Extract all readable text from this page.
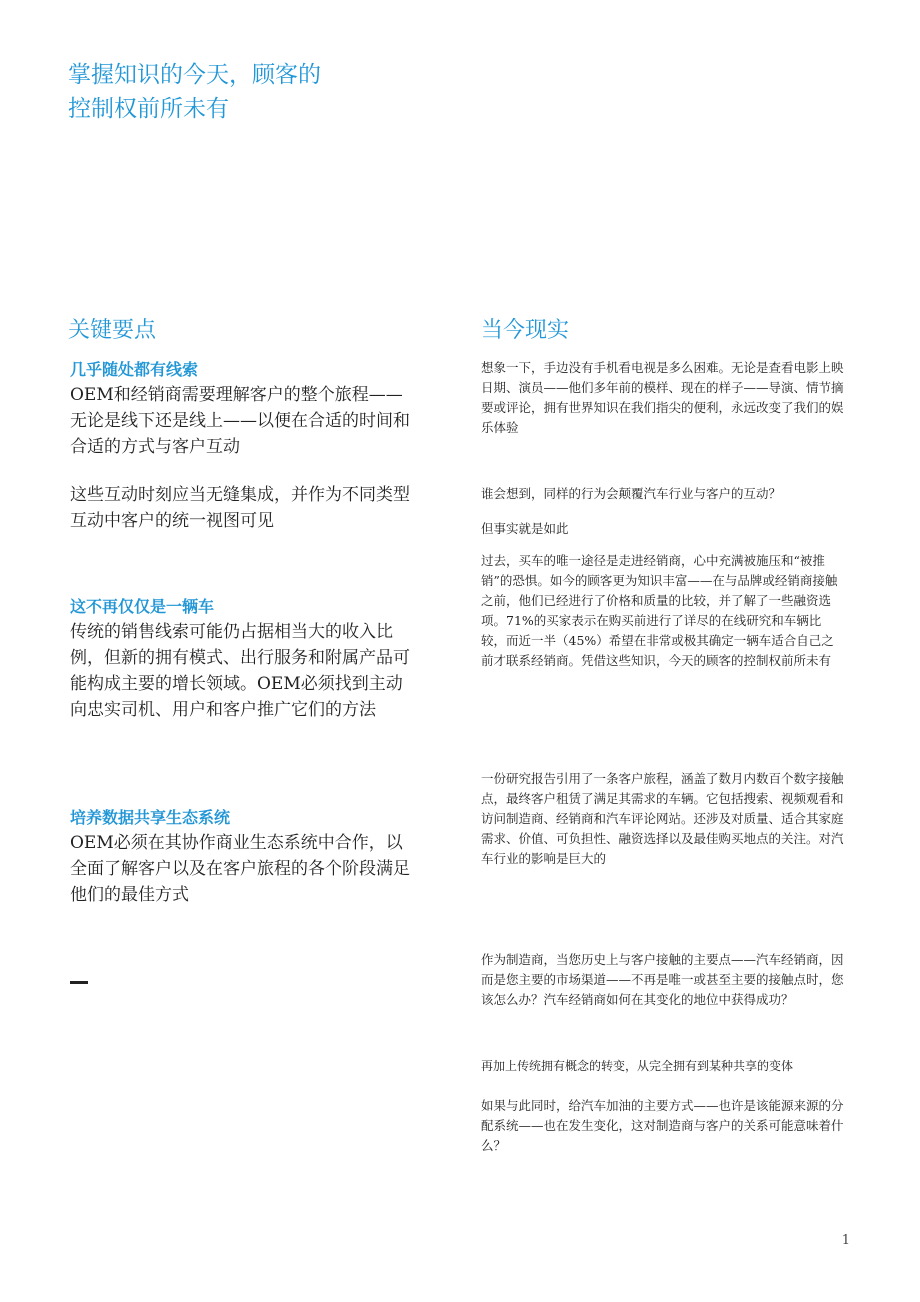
掌握知识的今天，顾客的
控制权前所未有
关键要点
几乎随处都有线索
OEM和经销商需要理解客户的整个旅程——无论是线下还是线上——以便在合适的时间和合适的方式与客户互动
这些互动时刻应当无缝集成，并作为不同类型互动中客户的统一视图可见
这不再仅仅是一辆车
传统的销售线索可能仍占据相当大的收入比例，但新的拥有模式、出行服务和附属产品可能构成主要的增长领域。OEM必须找到主动向忠实司机、用户和客户推广它们的方法
培养数据共享生态系统
OEM必须在其协作商业生态系统中合作，以全面了解客户以及在客户旅程的各个阶段满足他们的最佳方式
当今现实
想象一下，手边没有手机看电视是多么困难。无论是查看电影上映日期、演员——他们多年前的模样、现在的样子——导演、情节摘要或评论，拥有世界知识在我们指尖的便利，永远改变了我们的娱乐体验
谁会想到，同样的行为会颠覆汽车行业与客户的互动？
但事实就是如此
过去，买车的唯一途径是走进经销商，心中充满被施压和“被推销”的恐惧。如今的顾客更为知识丰富——在与品牌或经销商接触之前，他们已经进行了价格和质量的比较，并了解了一些融资选项。71%的买家表示在购买前进行了详尽的在线研究和车辆比较，而近一半（45%）希望在非常或极其确定一辆车适合自己之前才联系经销商。凭借这些知识，今天的顾客的控制权前所未有
一份研究报告引用了一条客户旅程，涵盖了数月内数百个数字接触点，最终客户租赁了满足其需求的车辆。它包括搜索、视频观看和访问制造商、经销商和汽车评论网站。还涉及对质量、适合其家庭需求、价值、可负担性、融资选择以及最佳购买地点的关注。对汽车行业的影响是巨大的
作为制造商，当您历史上与客户接触的主要点——汽车经销商，因而是您主要的市场渠道——不再是唯一或甚至主要的接触点时，您该怎么办？汽车经销商如何在其变化的地位中获得成功？
再加上传统拥有概念的转变，从完全拥有到某种共享的变体
如果与此同时，给汽车加油的主要方式——也许是该能源来源的分配系统——也在发生变化，这对制造商与客户的关系可能意味着什么？
1
